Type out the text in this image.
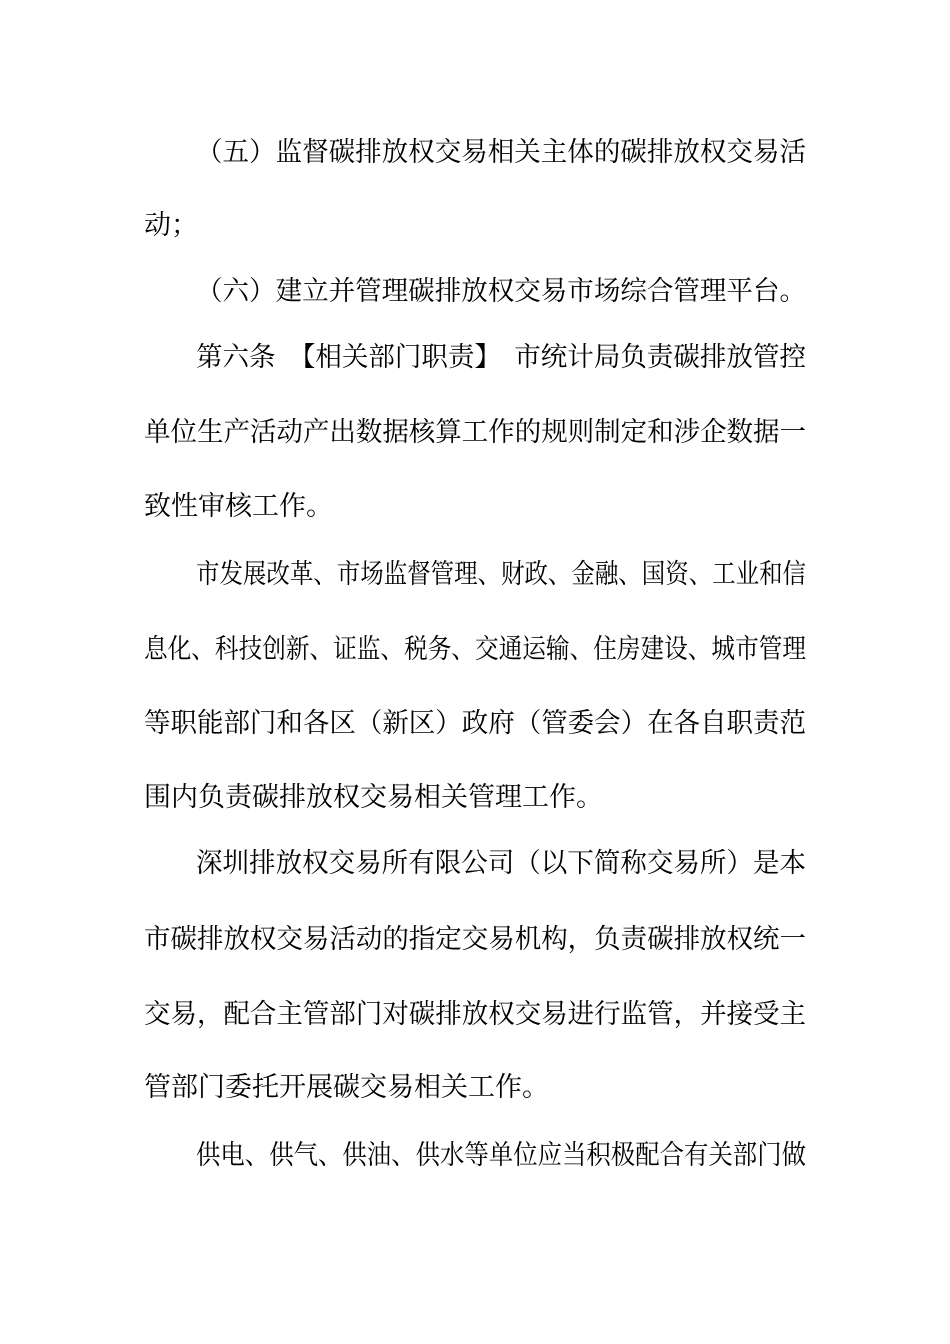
（五）监督碳排放权交易相关主体的碳排放权交易活
动；
（六）建立并管理碳排放权交易市场综合管理平台。
第六条　【相关部门职责】　市统计局负责碳排放管控
单位生产活动产出数据核算工作的规则制定和涉企数据一
致性审核工作。
市发展改革、市场监督管理、财政、金融、国资、工业和信
息化、科技创新、证监、税务、交通运输、住房建设、城市管理
等职能部门和各区（新区）政府（管委会）在各自职责范
围内负责碳排放权交易相关管理工作。
深圳排放权交易所有限公司（以下简称交易所）是本
市碳排放权交易活动的指定交易机构，负责碳排放权统一
交易，配合主管部门对碳排放权交易进行监管，并接受主
管部门委托开展碳交易相关工作。
供电、供气、供油、供水等单位应当积极配合有关部门做
